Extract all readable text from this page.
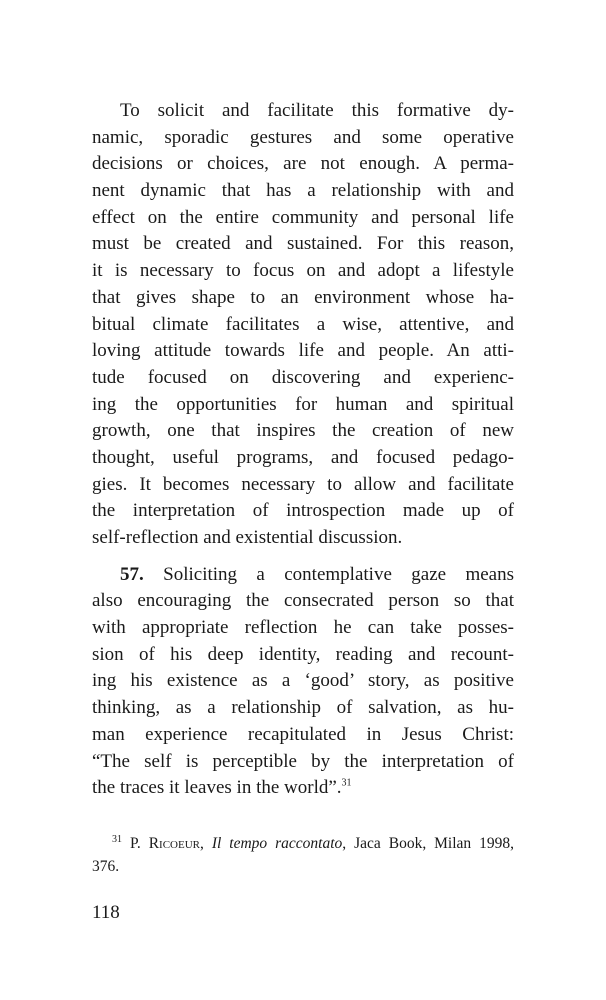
To solicit and facilitate this formative dy-
namic, sporadic gestures and some operative
decisions or choices, are not enough. A perma-
nent dynamic that has a relationship with and
effect on the entire community and personal life
must be created and sustained. For this reason,
it is necessary to focus on and adopt a lifestyle
that gives shape to an environment whose ha-
bitual climate facilitates a wise, attentive, and
loving attitude towards life and people. An atti-
tude focused on discovering and experienc-
ing the opportunities for human and spiritual
growth, one that inspires the creation of new
thought, useful programs, and focused pedago-
gies. It becomes necessary to allow and facilitate
the interpretation of introspection made up of
self-reflection and existential discussion.
57. Soliciting a contemplative gaze means
also encouraging the consecrated person so that
with appropriate reflection he can take posses-
sion of his deep identity, reading and recount-
ing his existence as a ‘good’ story, as positive
thinking, as a relationship of salvation, as hu-
man experience recapitulated in Jesus Christ:
“The self is perceptible by the interpretation of
the traces it leaves in the world”.$^{31}$
$^{31}$ P. Ricoeur, Il tempo raccontato, Jaca Book, Milan 1998,
376.
118
